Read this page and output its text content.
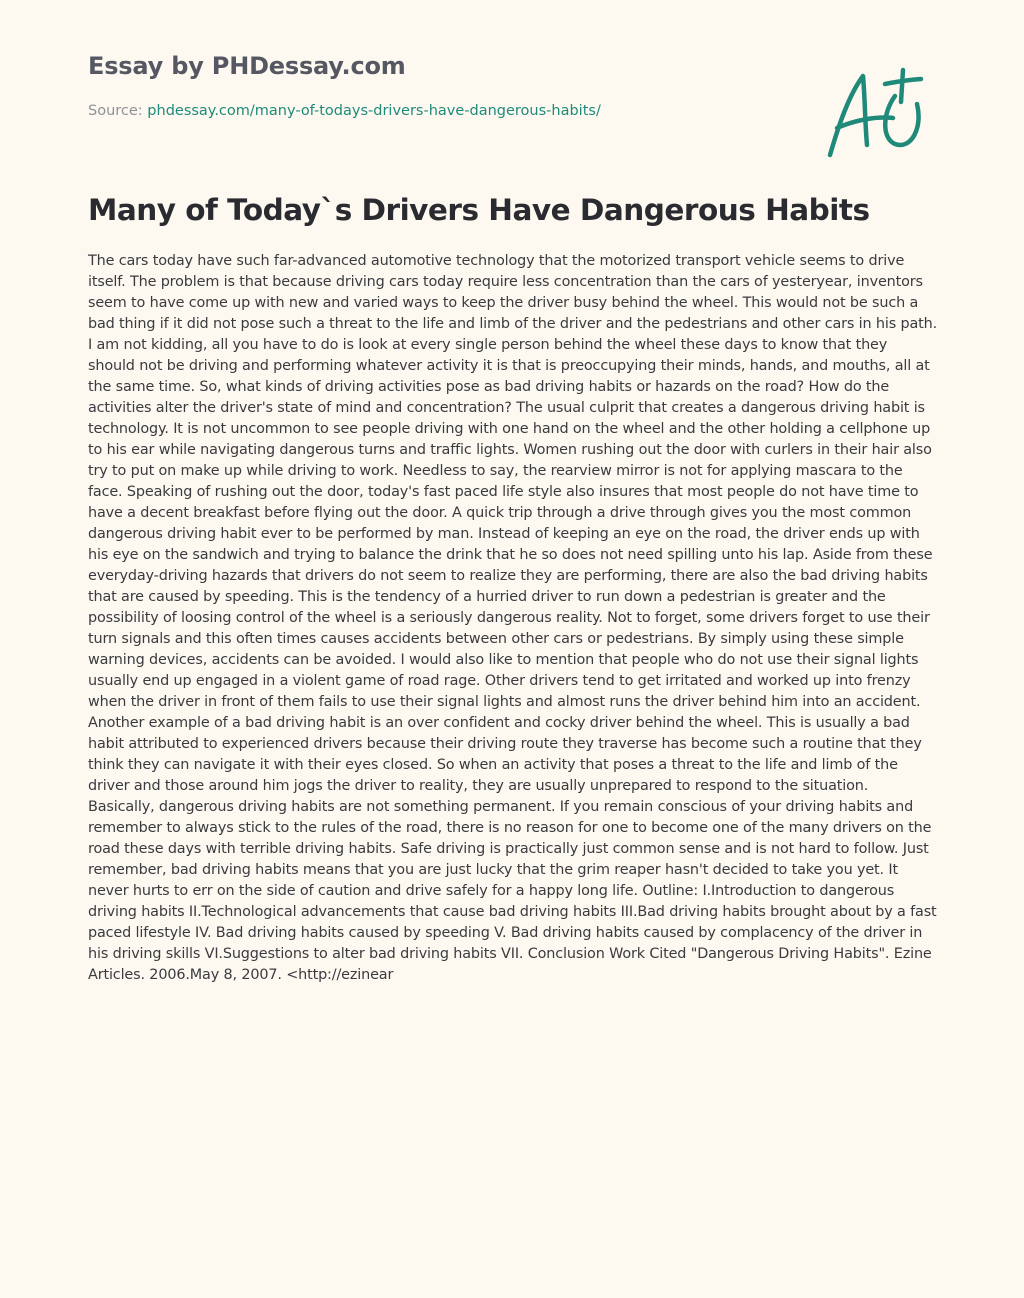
Essay by PHDessay.com
Source: phdessay.com/many-of-todays-drivers-have-dangerous-habits/
Many of Today`s Drivers Have Dangerous Habits

The cars today have such far-advanced automotive technology that the motorized transport vehicle seems to drive itself. The problem is that because driving cars today require less concentration than the cars of yesteryear, inventors seem to have come up with new and varied ways to keep the driver busy behind the wheel. This would not be such a bad thing if it did not pose such a threat to the life and limb of the driver and the pedestrians and other cars in his path. I am not kidding, all you have to do is look at every single person behind the wheel these days to know that they should not be driving and performing whatever activity it is that is preoccupying their minds, hands, and mouths, all at the same time. So, what kinds of driving activities pose as bad driving habits or hazards on the road? How do the activities alter the driver's state of mind and concentration? The usual culprit that creates a dangerous driving habit is technology. It is not uncommon to see people driving with one hand on the wheel and the other holding a cellphone up to his ear while navigating dangerous turns and traffic lights. Women rushing out the door with curlers in their hair also try to put on make up while driving to work. Needless to say, the rearview mirror is not for applying mascara to the face. Speaking of rushing out the door, today's fast paced life style also insures that most people do not have time to have a decent breakfast before flying out the door. A quick trip through a drive through gives you the most common dangerous driving habit ever to be performed by man. Instead of keeping an eye on the road, the driver ends up with his eye on the sandwich and trying to balance the drink that he so does not need spilling unto his lap. Aside from these everyday-driving hazards that drivers do not seem to realize they are performing, there are also the bad driving habits that are caused by speeding. This is the tendency of a hurried driver to run down a pedestrian is greater and the possibility of loosing control of the wheel is a seriously dangerous reality. Not to forget, some drivers forget to use their turn signals and this often times causes accidents between other cars or pedestrians. By simply using these simple warning devices, accidents can be avoided. I would also like to mention that people who do not use their signal lights usually end up engaged in a violent game of road rage. Other drivers tend to get irritated and worked up into frenzy when the driver in front of them fails to use their signal lights and almost runs the driver behind him into an accident. Another example of a bad driving habit is an over confident and cocky driver behind the wheel. This is usually a bad habit attributed to experienced drivers because their driving route they traverse has become such a routine that they think they can navigate it with their eyes closed. So when an activity that poses a threat to the life and limb of the driver and those around him jogs the driver to reality, they are usually unprepared to respond to the situation. Basically, dangerous driving habits are not something permanent. If you remain conscious of your driving habits and remember to always stick to the rules of the road, there is no reason for one to become one of the many drivers on the road these days with terrible driving habits. Safe driving is practically just common sense and is not hard to follow. Just remember, bad driving habits means that you are just lucky that the grim reaper hasn't decided to take you yet. It never hurts to err on the side of caution and drive safely for a happy long life. Outline: I.Introduction to dangerous driving habits II.Technological advancements that cause bad driving habits III.Bad driving habits brought about by a fast paced lifestyle IV. Bad driving habits caused by speeding V. Bad driving habits caused by complacency of the driver in his driving skills VI.Suggestions to alter bad driving habits VII. Conclusion Work Cited "Dangerous Driving Habits". Ezine Articles. 2006.May 8, 2007. <http://ezinear
